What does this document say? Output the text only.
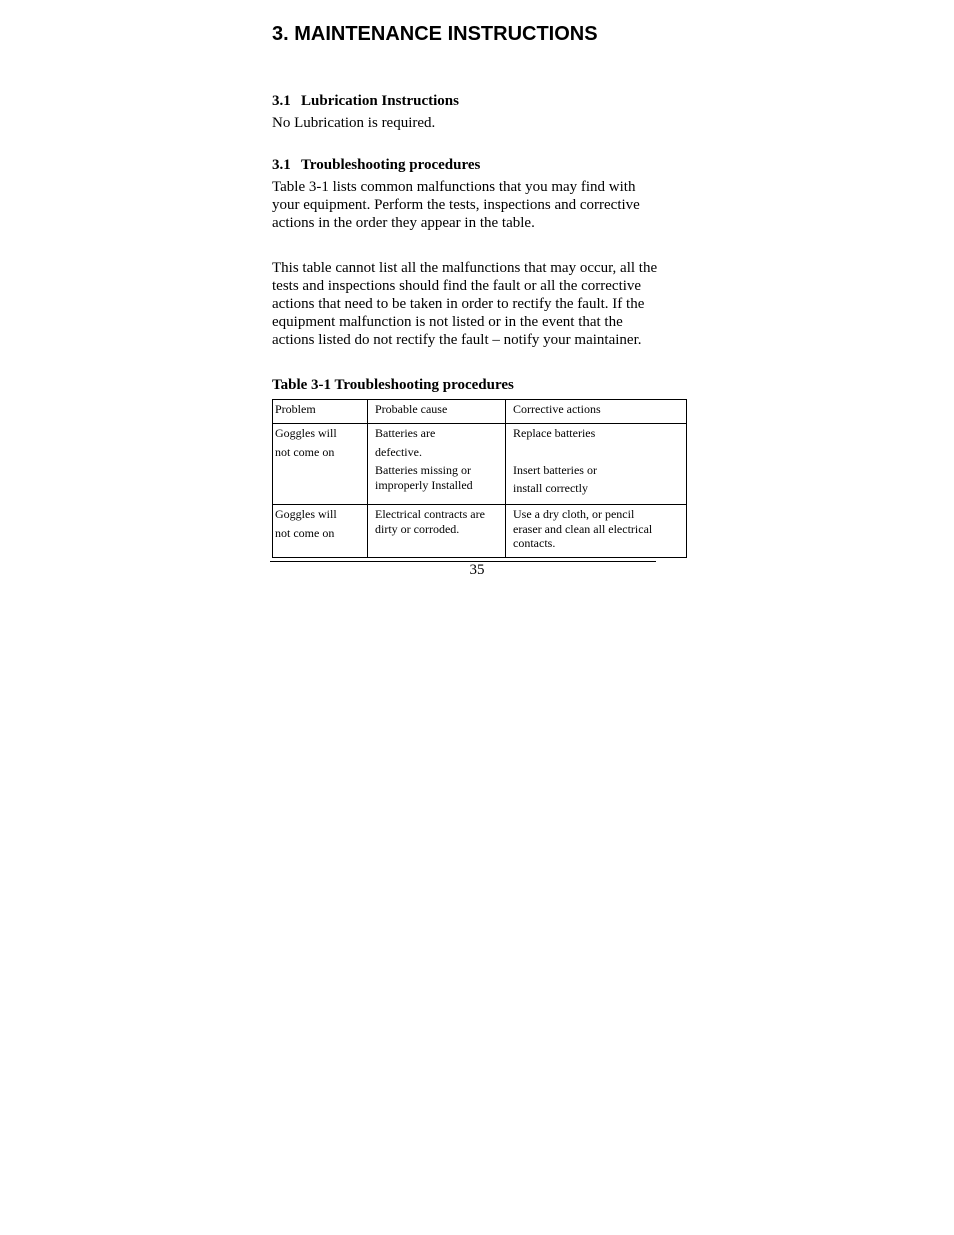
3. MAINTENANCE INSTRUCTIONS
3.1 Lubrication Instructions

No Lubrication is required.

3.1 Troubleshooting procedures

Table 3-1 lists common malfunctions that you may find with
your equipment. Perform the tests, inspections and corrective
actions in the order they appear in the table.

This table cannot list all the malfunctions that may occur, all the
tests and inspections should find the fault or all the corrective
actions that need to be taken in order to rectify the fault. If the
equipment malfunction is not listed or in the event that the
actions listed do not rectify the fault – notify your maintainer.

Table 3-1 Troubleshooting procedures

Problem	Probable cause	Corrective actions

Goggles will
not come on	Batteries are
defective.
Batteries missing or
improperly Installed	Replace batteries
Insert batteries or
install correctly

Goggles will
not come on	Electrical contracts are
dirty or corroded.	Use a dry cloth, or pencil
eraser and clean all electrical
contacts.
35
